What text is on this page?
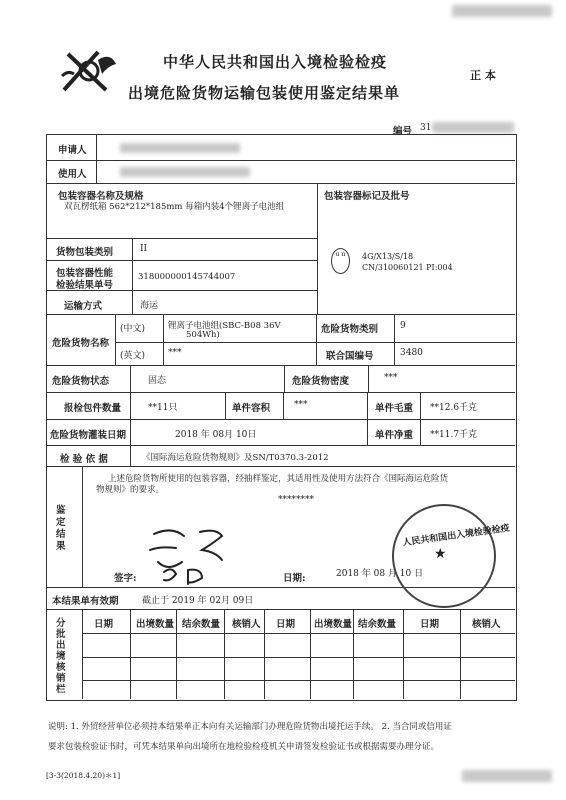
中华人民共和国出入境检验检疫
出境危险货物运输包装使用鉴定结果单
正 本
编号 31
申请人
使用人
包装容器名称及规格
双瓦楞纸箱 562*212*185mm 每箱内装4个锂离子电池组
包装容器标记及批号
u n	4G/X13/S/18
CN/310060121 PI:004
货物包装类别	II
包装容器性能
检验结果单号
318000000145744007
运输方式	海运
危险货物名称
(中文)	锂离子电池组(SBC-B08 36V
504Wh)
(英文)	***
危险货物类别 9
联合国编号	3480
危险货物状态	固态	危险货物密度	***
报检包件数量	**11只	单件容积	***	单件毛重 **12.6千克
危险货物灌装日期	2018 年 08月 10日	单件净重 **11.7千克
检 验 依 据	《国际海运危险货物规则》及SN/T0370.3-2012
鉴定结果
上述危险货物所使用的包装容器，经抽样鉴定，其适用性及使用方法符合《国际海运危险货
物规则》的要求。
********
签字:	日期:	2018 年 08 月 10 日
★
人民共和国出入境检验检疫
本结果单有效期	截止于 2019 年 02月 09日
分批出境核销栏
日期 出境数量 结余数量 核销人 日期 出境数量 结余数量	日期	核销人
说明: 1. 外贸经营单位必须持本结果单正本向有关运输部门办理危险货物出境托运手续。 2. 当合同或信用证
要求包装检验证书时，可凭本结果单向出境所在地检验检疫机关申请签发检验证书或根据需要办理分证。
[3-3(2018.4.20)＊1]
